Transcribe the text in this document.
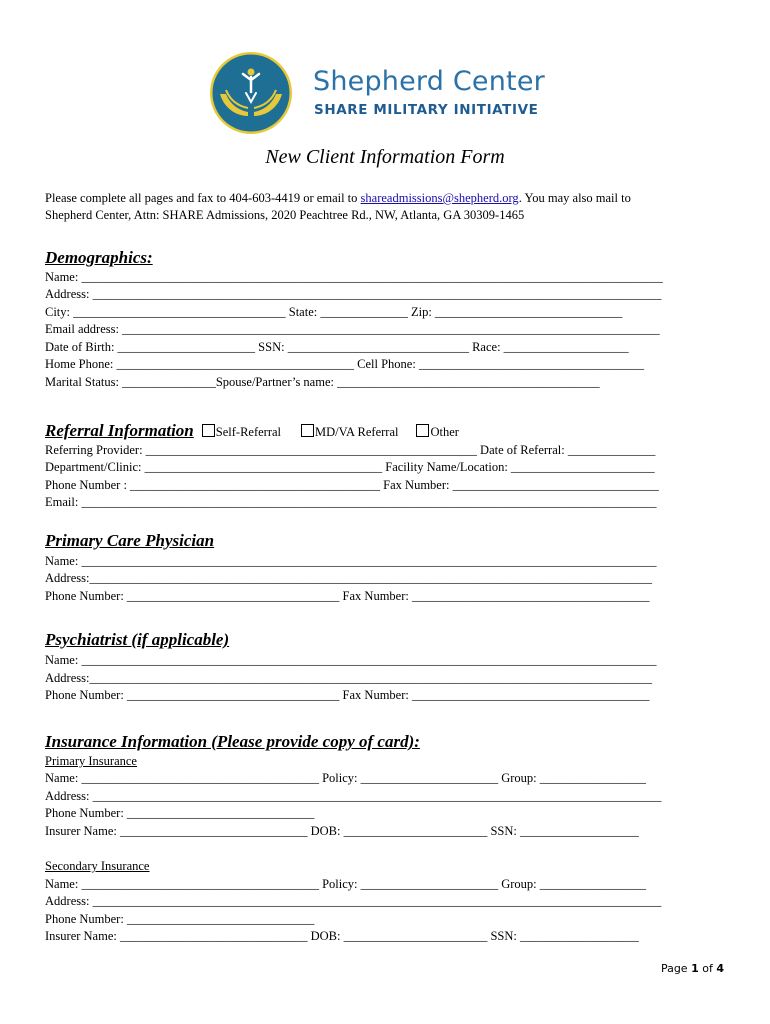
Shepherd Center
SHARE MILITARY INITIATIVE
New Client Information Form
Please complete all pages and fax to 404-603-4419 or email to shareadmissions@shepherd.org. You may also mail to
Shepherd Center, Attn: SHARE Admissions, 2020 Peachtree Rd., NW, Atlanta, GA 30309-1465
Demographics:
Name: _____________________________________________________________________________________________
Address: ___________________________________________________________________________________________
City: __________________________________ State: ______________ Zip: ______________________________
Email address: ______________________________________________________________________________________
Date of Birth: ______________________ SSN: _____________________________ Race: ____________________
Home Phone: ______________________________________ Cell Phone: ____________________________________
Marital Status: _______________Spouse/Partner’s name: __________________________________________
Referral Information Self-Referral	MD/VA Referral	Other
Referring Provider: _____________________________________________________ Date of Referral: ______________
Department/Clinic: ______________________________________ Facility Name/Location: _______________________
Phone Number : ________________________________________ Fax Number: _________________________________
Email: ____________________________________________________________________________________________
Primary Care Physician
Name: ____________________________________________________________________________________________
Address:__________________________________________________________________________________________
Phone Number: __________________________________ Fax Number: ______________________________________
Psychiatrist (if applicable)
Name: ____________________________________________________________________________________________
Address:__________________________________________________________________________________________
Phone Number: __________________________________ Fax Number: ______________________________________
Insurance Information (Please provide copy of card):
Primary Insurance
Name: ______________________________________ Policy: ______________________ Group: _________________
Address: ___________________________________________________________________________________________
Phone Number: ______________________________
Insurer Name: ______________________________ DOB: _______________________ SSN: ___________________
Secondary Insurance
Name: ______________________________________ Policy: ______________________ Group: _________________
Address: ___________________________________________________________________________________________
Phone Number: ______________________________
Insurer Name: ______________________________ DOB: _______________________ SSN: ___________________
Page 1 of 4
